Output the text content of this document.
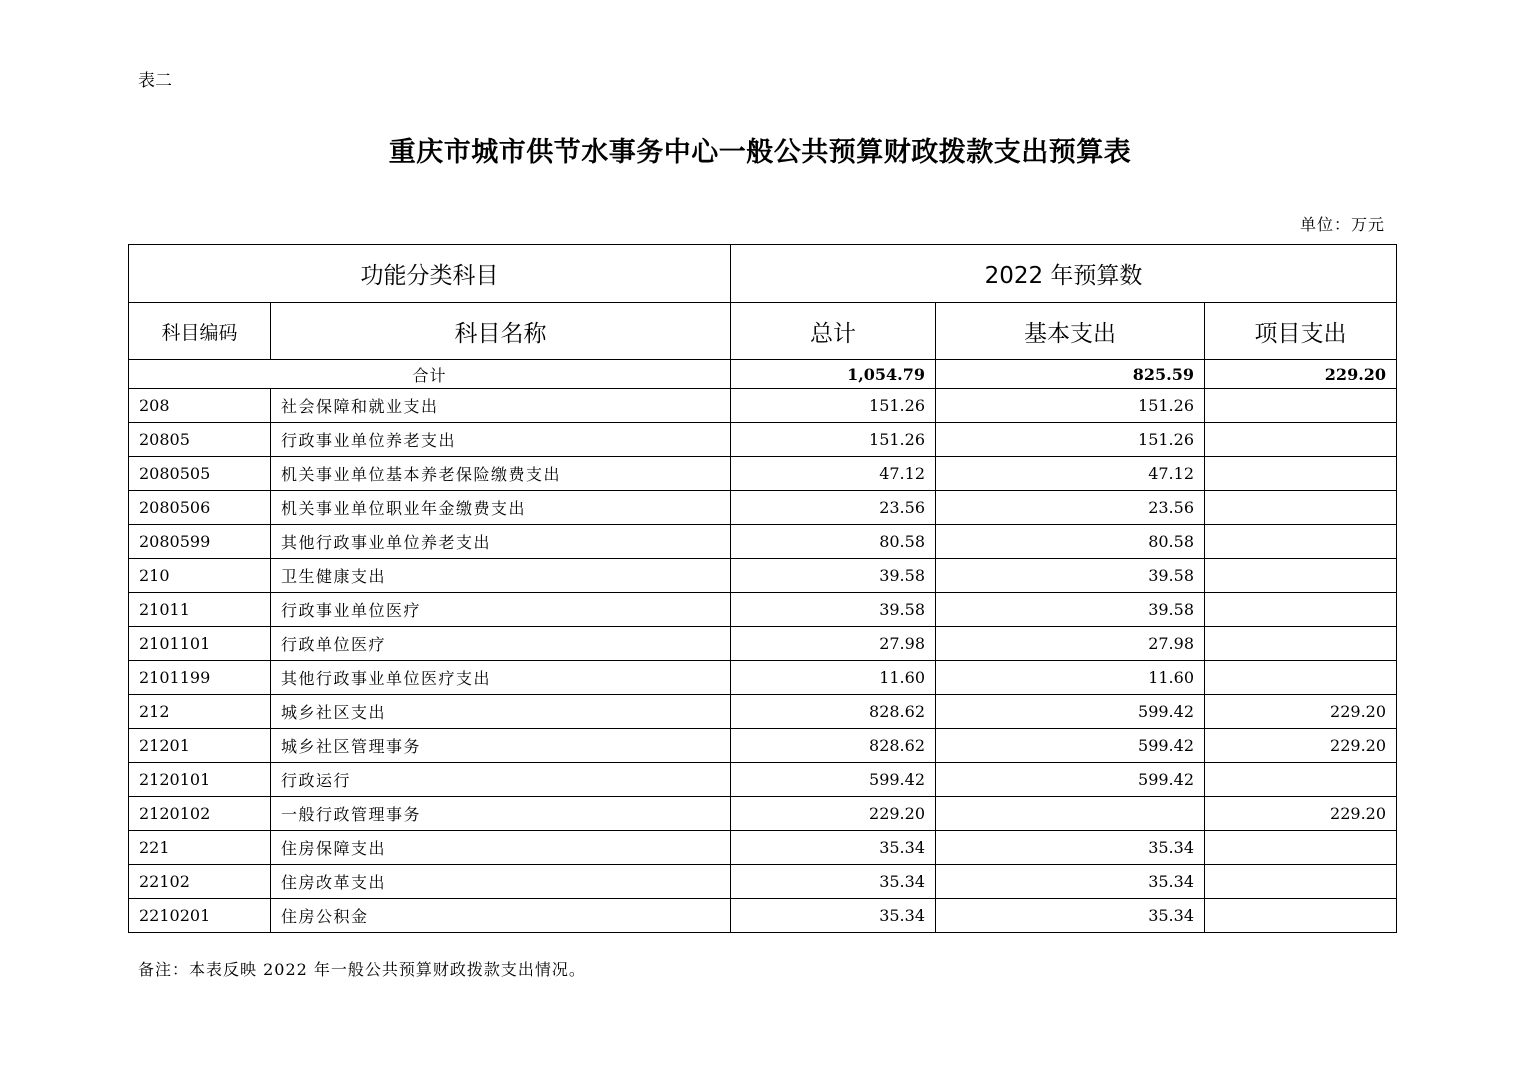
表二
重庆市城市供节水事务中心一般公共预算财政拨款支出预算表
单位：万元
功能分类科目		2022 年预算数		
科目编码	科目名称	总计	基本支出	项目支出
合计		1,054.79	825.59	229.20
208	社会保障和就业支出	151.26	151.26	
20805	行政事业单位养老支出	151.26	151.26	
2080505	机关事业单位基本养老保险缴费支出	47.12	47.12	
2080506	机关事业单位职业年金缴费支出	23.56	23.56	
2080599	其他行政事业单位养老支出	80.58	80.58	
210	卫生健康支出	39.58	39.58	
21011	行政事业单位医疗	39.58	39.58	
2101101	行政单位医疗	27.98	27.98	
2101199	其他行政事业单位医疗支出	11.60	11.60	
212	城乡社区支出	828.62	599.42	229.20
21201	城乡社区管理事务	828.62	599.42	229.20
2120101	行政运行	599.42	599.42	
2120102	一般行政管理事务	229.20		229.20
221	住房保障支出	35.34	35.34	
22102	住房改革支出	35.34	35.34	
2210201	住房公积金	35.34	35.34	
备注：本表反映 2022 年一般公共预算财政拨款支出情况。
